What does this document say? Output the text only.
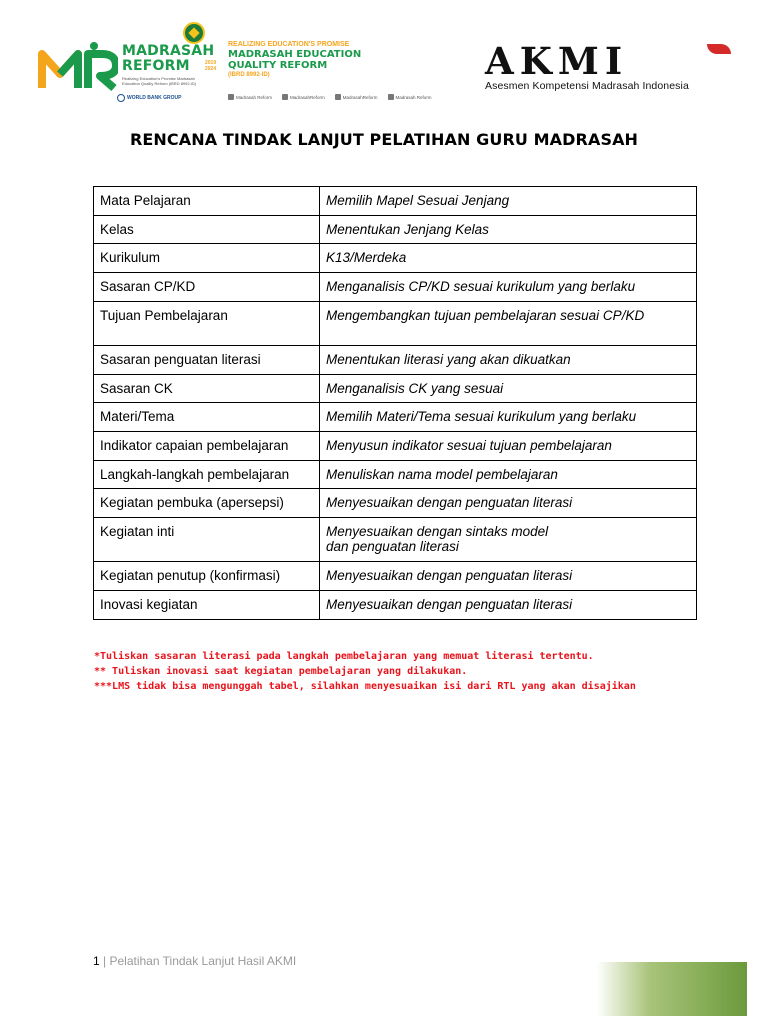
MADRASAH
REFORM	2019 2024
Realizing Education's Promise Madrasah Education Quality Reform (IBRD 8992-ID)
WORLD BANK GROUP
REALIZING EDUCATION'S PROMISE
MADRASAH EDUCATION
QUALITY REFORM
(IBRD 8992-ID)
Madrasah Reform	MadrasahReform	MadrasahReform	Madrasah Reform
AKMI
Asesmen Kompetensi Madrasah Indonesia
RENCANA TINDAK LANJUT PELATIHAN GURU MADRASAH
Mata Pelajaran	Memilih Mapel Sesuai Jenjang
Kelas	Menentukan Jenjang Kelas
Kurikulum	K13/Merdeka
Sasaran CP/KD	Menganalisis CP/KD sesuai kurikulum yang berlaku
Tujuan Pembelajaran	Mengembangkan tujuan pembelajaran sesuai CP/KD
Sasaran penguatan literasi	Menentukan literasi yang akan dikuatkan
Sasaran CK	Menganalisis CK yang sesuai
Materi/Tema	Memilih Materi/Tema sesuai kurikulum yang berlaku
Indikator capaian pembelajaran	Menyusun indikator sesuai tujuan pembelajaran
Langkah-langkah pembelajaran	Menuliskan nama model pembelajaran
Kegiatan pembuka (apersepsi)	Menyesuaikan dengan penguatan literasi
Kegiatan inti	Menyesuaikan dengan sintaks model
dan penguatan literasi

Kegiatan penutup (konfirmasi)	Menyesuaikan dengan penguatan literasi
Inovasi kegiatan	Menyesuaikan dengan penguatan literasi
*Tuliskan sasaran literasi pada langkah pembelajaran yang memuat literasi tertentu.
** Tuliskan inovasi saat kegiatan pembelajaran yang dilakukan.
***LMS tidak bisa mengunggah tabel, silahkan menyesuaikan isi dari RTL yang akan disajikan
1 | Pelatihan Tindak Lanjut Hasil AKMI
